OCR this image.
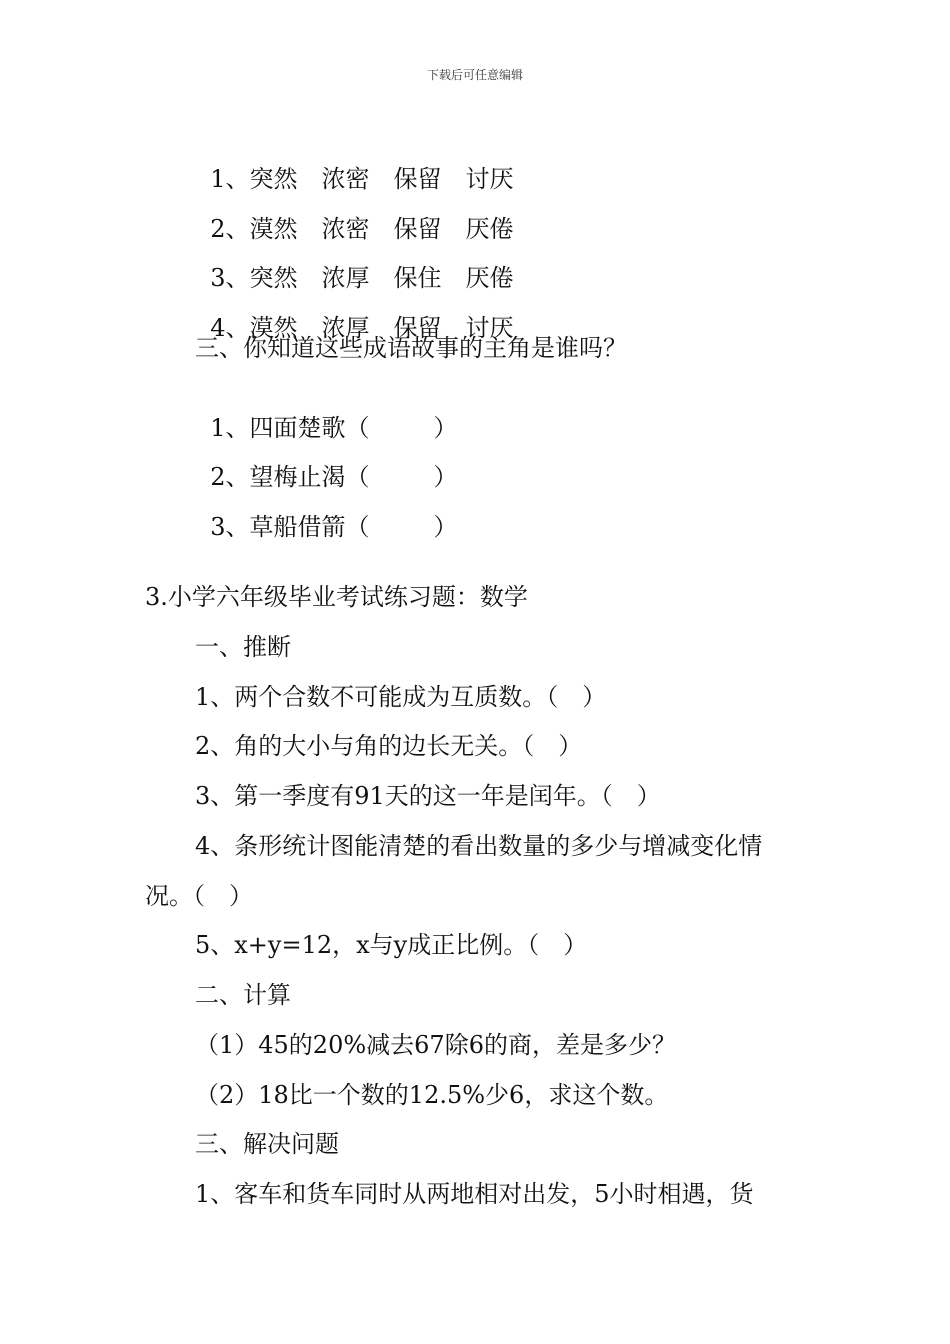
下载后可任意编辑

1、突然 浓密 保留 讨厌

2、漠然 浓密 保留 厌倦

3、突然 浓厚 保住 厌倦

4、漠然 浓厚 保留 讨厌

三、你知道这些成语故事的主角是谁吗？

1、四面楚歌（	）

2、望梅止渴（	）

3、草船借箭（	）

3.小学六年级毕业考试练习题：数学
一、推断
1、两个合数不可能成为互质数。（　）
2、角的大小与角的边长无关。（　）
3、第一季度有91天的这一年是闰年。（　）
4、条形统计图能清楚的看出数量的多少与增减变化情
况。（　）
5、x+y=12，x与y成正比例。（　）
二、计算
（1）45的20%减去67除6的商，差是多少？
（2）18比一个数的12.5%少6，求这个数。
三、解决问题
1、客车和货车同时从两地相对出发，5小时相遇，货
